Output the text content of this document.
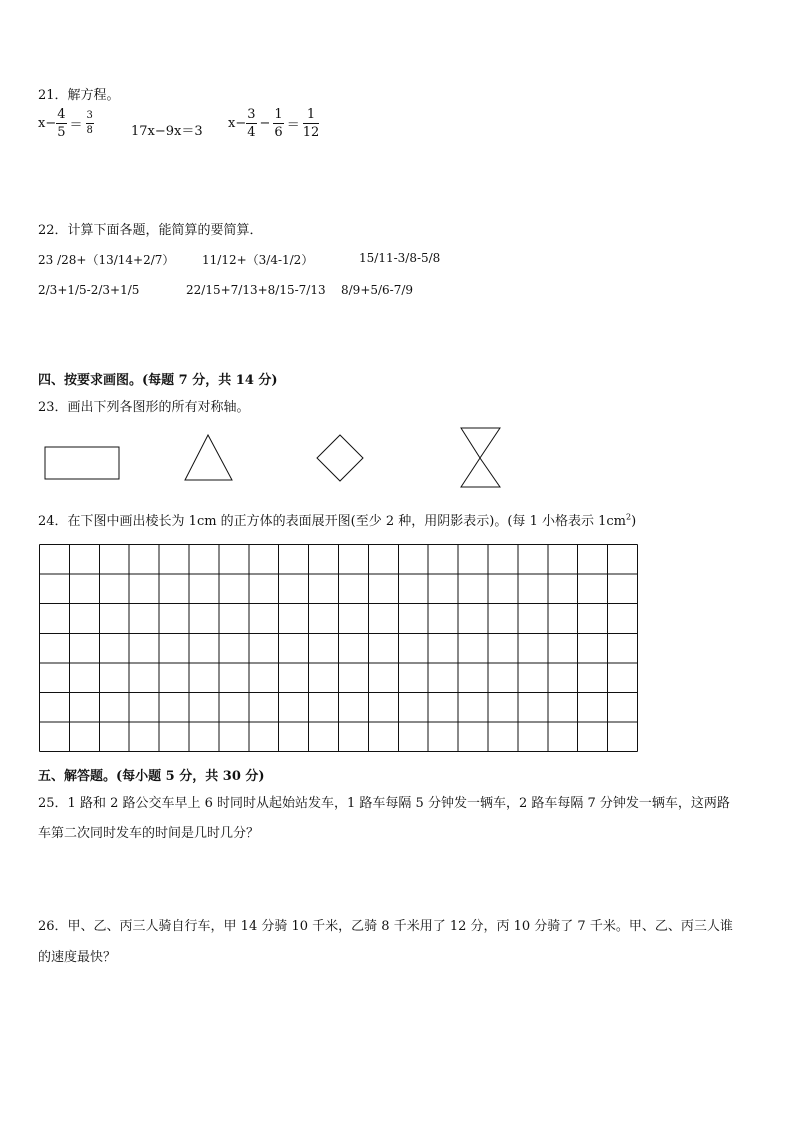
21．解方程。
$x- \frac{4}{5} = \frac{3}{8}$	17x−9x＝3
$x- \frac{3}{4} - \frac{1}{6} = \frac{1}{12}$
22．计算下面各题，能简算的要简算．
23 /28+（13/14+2/7） 11/12+（3/4-1/2）	15/11-3/8-5/8
2/3+1/5-2/3+1/5	22/15+7/13+8/15-7/13 8/9+5/6-7/9
四、按要求画图。(每题 7 分，共 14 分)
23．画出下列各图形的所有对称轴。
24．在下图中画出棱长为 1cm 的正方体的表面展开图(至少 2 种，用阴影表示)。(每 1 小格表示 $1cm^2$)
五、解答题。(每小题 5 分，共 30 分)
25．1 路和 2 路公交车早上 6 时同时从起始站发车，1 路车每隔 5 分钟发一辆车，2 路车每隔 7 分钟发一辆车，这两路
车第二次同时发车的时间是几时几分？
26．甲、乙、丙三人骑自行车，甲 14 分骑 10 千米，乙骑 8 千米用了 12 分，丙 10 分骑了 7 千米。甲、乙、丙三人谁
的速度最快？
